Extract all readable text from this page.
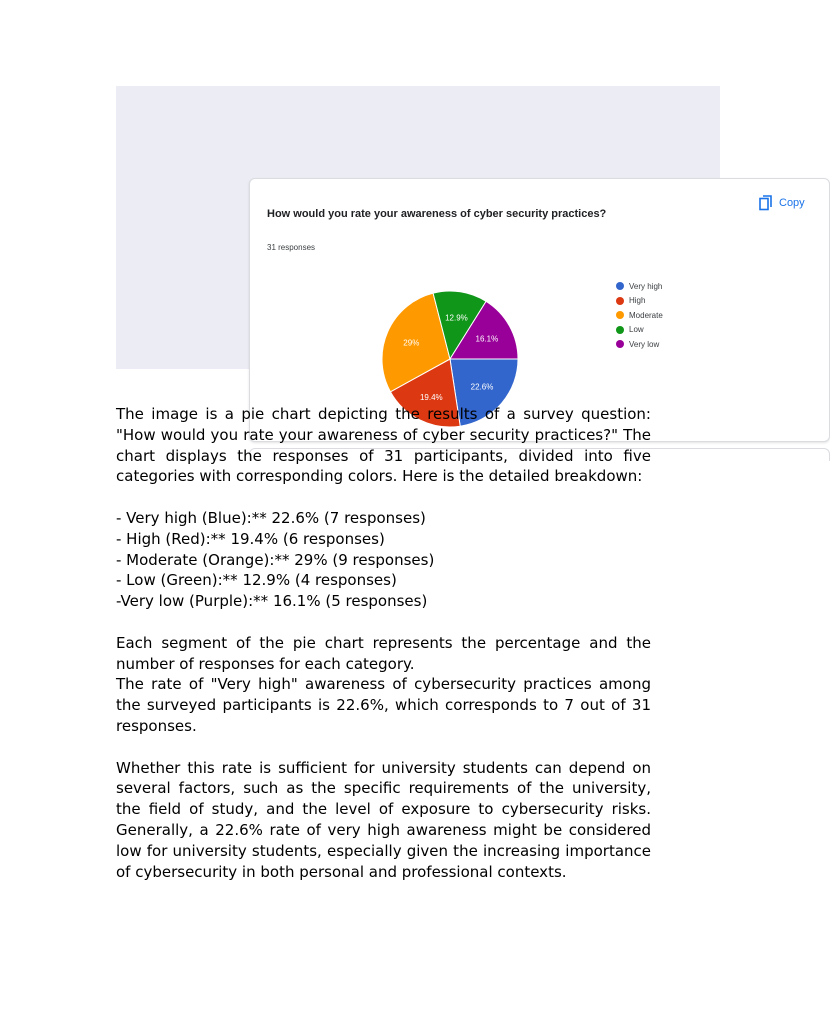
How would you rate your awareness of cyber security practices?
31 responses
Copy
22.6%
19.4%
29%
12.9%
16.1%
Very high
High
Moderate
Low
Very low

The image is a pie chart depicting the results of a survey question: "How would you rate your awareness of cyber security practices?" The chart displays the responses of 31 participants, divided into five categories with corresponding colors. Here is the detailed breakdown:

- Very high (Blue):** 22.6% (7 responses)
- High (Red):** 19.4% (6 responses)
- Moderate (Orange):** 29% (9 responses)
- Low (Green):** 12.9% (4 responses)
-Very low (Purple):** 16.1% (5 responses)

Each segment of the pie chart represents the percentage and the number of responses for each category.

The rate of "Very high" awareness of cybersecurity practices among the surveyed participants is 22.6%, which corresponds to 7 out of 31 responses.

Whether this rate is sufficient for university students can depend on several factors, such as the specific requirements of the university, the field of study, and the level of exposure to cybersecurity risks. Generally, a 22.6% rate of very high awareness might be considered low for university students, especially given the increasing importance of cybersecurity in both personal and professional contexts.
